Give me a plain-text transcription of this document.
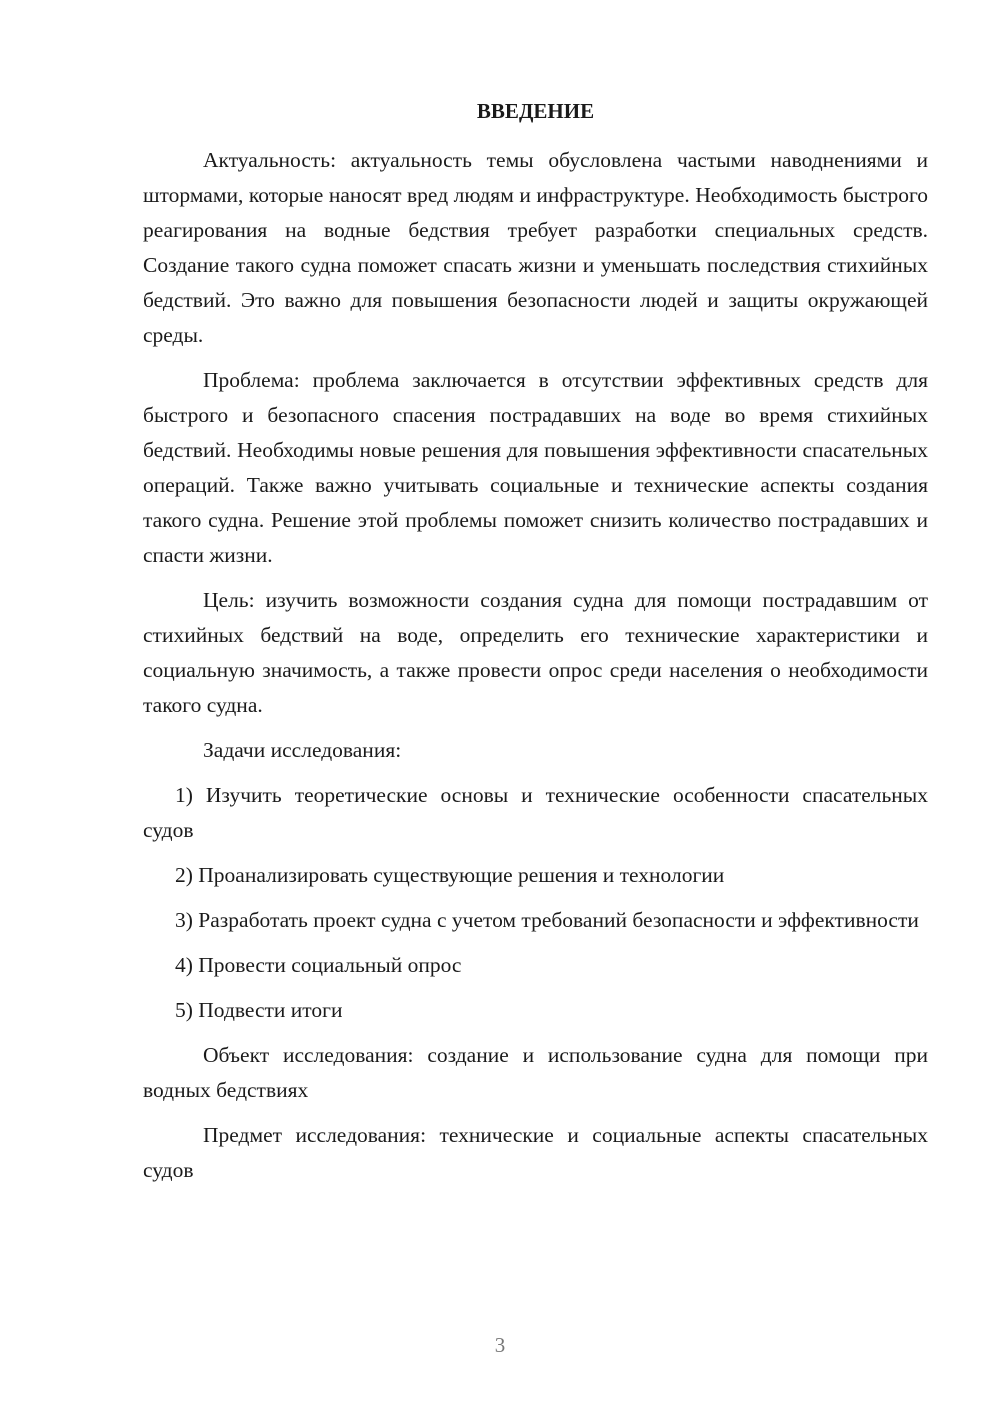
ВВЕДЕНИЕ

Актуальность: актуальность темы обусловлена частыми наводнениями и штормами, которые наносят вред людям и инфраструктуре. Необходимость быстрого реагирования на водные бедствия требует разработки специальных средств. Создание такого судна поможет спасать жизни и уменьшать последствия стихийных бедствий. Это важно для повышения безопасности людей и защиты окружающей среды.

Проблема: проблема заключается в отсутствии эффективных средств для быстрого и безопасного спасения пострадавших на воде во время стихийных бедствий. Необходимы новые решения для повышения эффективности спасательных операций. Также важно учитывать социальные и технические аспекты создания такого судна. Решение этой проблемы поможет снизить количество пострадавших и спасти жизни.

Цель: изучить возможности создания судна для помощи пострадавшим от стихийных бедствий на воде, определить его технические характеристики и социальную значимость, а также провести опрос среди населения о необходимости такого судна.

Задачи исследования:

1) Изучить теоретические основы и технические особенности спасательных судов

2) Проанализировать существующие решения и технологии

3) Разработать проект судна с учетом требований безопасности и эффективности

4) Провести социальный опрос

5) Подвести итоги

Объект исследования: создание и использование судна для помощи при водных бедствиях

Предмет исследования: технические и социальные аспекты спасательных судов

3
